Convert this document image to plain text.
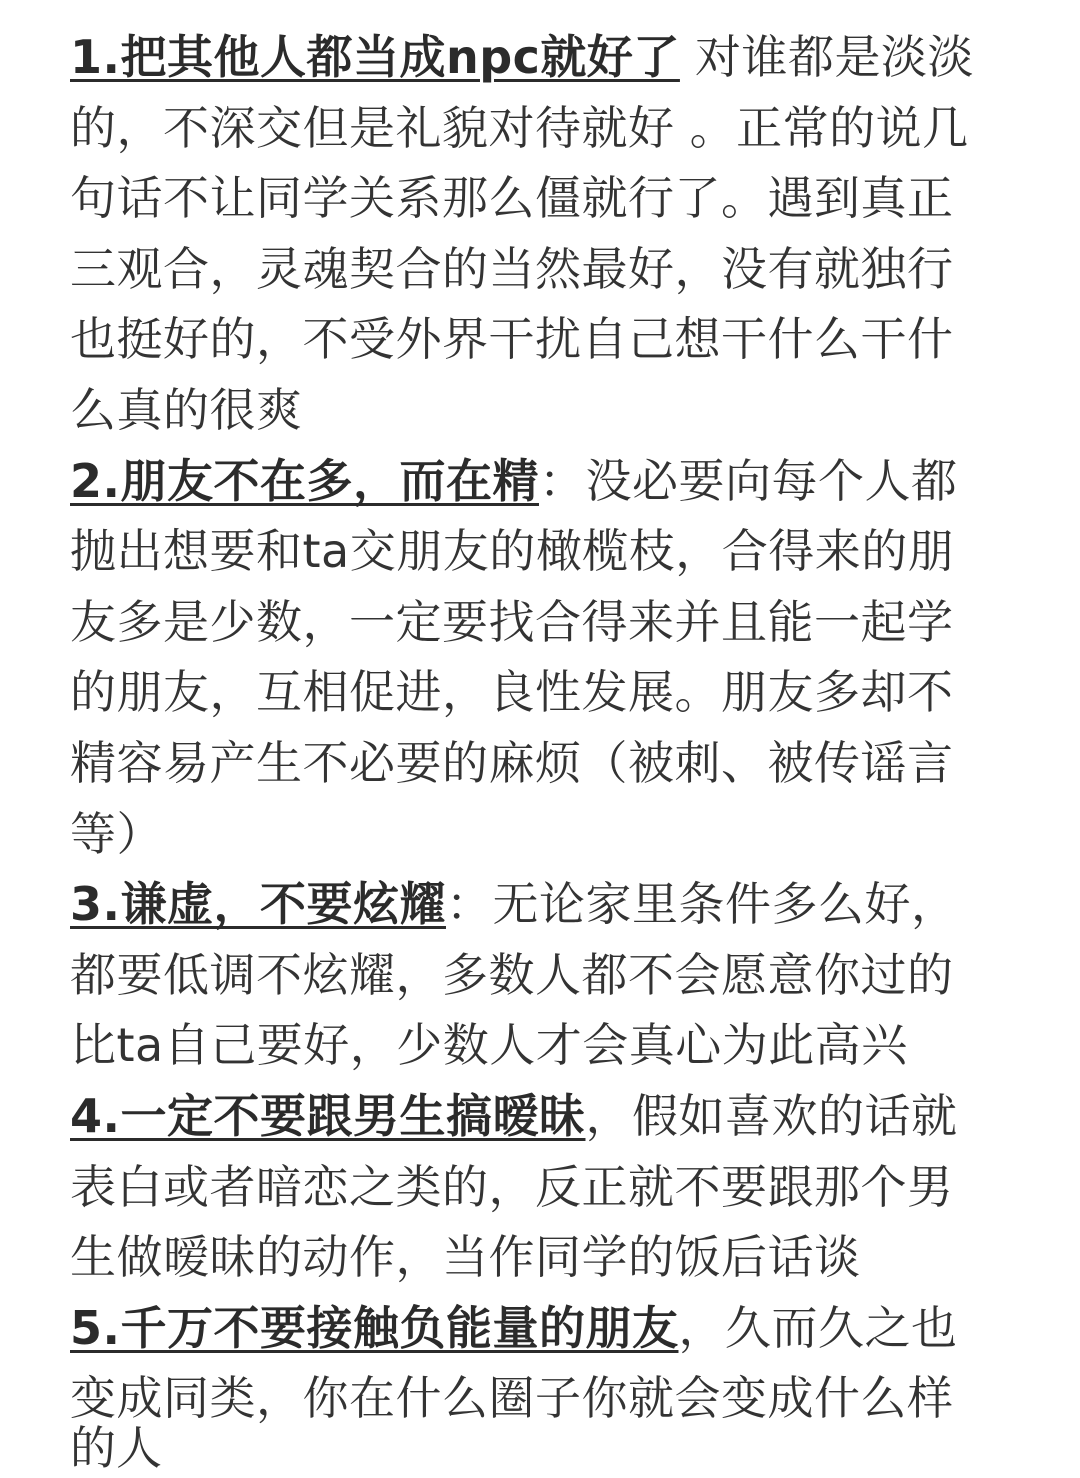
1.把其他人都当成npc就好了 对谁都是淡淡的，不深交但是礼貌对待就好 。正常的说几句话不让同学关系那么僵就行了。遇到真正三观合，灵魂契合的当然最好，没有就独行也挺好的，不受外界干扰自己想干什么干什么真的很爽

2.朋友不在多，而在精：没必要向每个人都抛出想要和ta交朋友的橄榄枝，合得来的朋友多是少数，一定要找合得来并且能一起学的朋友，互相促进，良性发展。朋友多却不精容易产生不必要的麻烦（被刺、被传谣言等）

3.谦虚，不要炫耀：无论家里条件多么好，都要低调不炫耀，多数人都不会愿意你过的比ta自己要好，少数人才会真心为此高兴

4.一定不要跟男生搞暧昧，假如喜欢的话就表白或者暗恋之类的，反正就不要跟那个男生做暧昧的动作，当作同学的饭后话谈

5.千万不要接触负能量的朋友，久而久之也变成同类，你在什么圈子你就会变成什么样

的人
